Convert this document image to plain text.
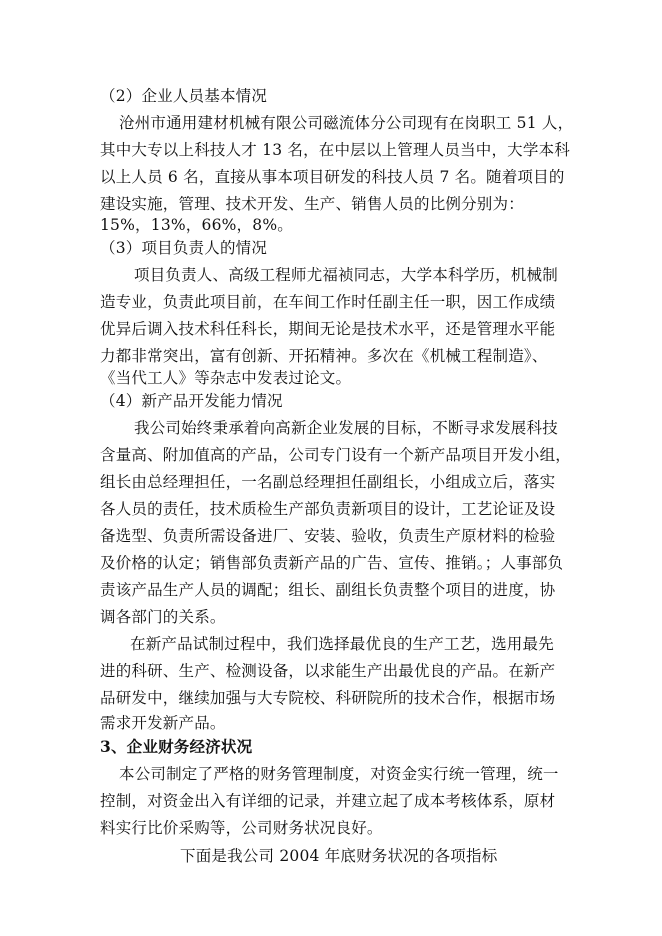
（2）企业人员基本情况
沧州市通用建材机械有限公司磁流体分公司现有在岗职工 51 人，
其中大专以上科技人才 13 名，在中层以上管理人员当中，大学本科
以上人员 6 名，直接从事本项目研发的科技人员 7 名。随着项目的
建设实施，管理、技术开发、生产、销售人员的比例分别为：
15%，13%，66%，8%。
（3）项目负责人的情况
项目负责人、高级工程师尤福祯同志，大学本科学历，机械制
造专业，负责此项目前，在车间工作时任副主任一职，因工作成绩
优异后调入技术科任科长，期间无论是技术水平，还是管理水平能
力都非常突出，富有创新、开拓精神。多次在《机械工程制造》、
《当代工人》等杂志中发表过论文。
（4）新产品开发能力情况
我公司始终秉承着向高新企业发展的目标，不断寻求发展科技
含量高、附加值高的产品，公司专门设有一个新产品项目开发小组，
组长由总经理担任，一名副总经理担任副组长，小组成立后，落实
各人员的责任，技术质检生产部负责新项目的设计，工艺论证及设
备选型、负责所需设备进厂、安装、验收，负责生产原材料的检验
及价格的认定；销售部负责新产品的广告、宣传、推销。；人事部负
责该产品生产人员的调配；组长、副组长负责整个项目的进度，协
调各部门的关系。
在新产品试制过程中，我们选择最优良的生产工艺，选用最先
进的科研、生产、检测设备，以求能生产出最优良的产品。在新产
品研发中，继续加强与大专院校、科研院所的技术合作，根据市场
需求开发新产品。
3、企业财务经济状况
本公司制定了严格的财务管理制度，对资金实行统一管理，统一
控制，对资金出入有详细的记录，并建立起了成本考核体系，原材
料实行比价采购等，公司财务状况良好。
下面是我公司 2004 年底财务状况的各项指标
